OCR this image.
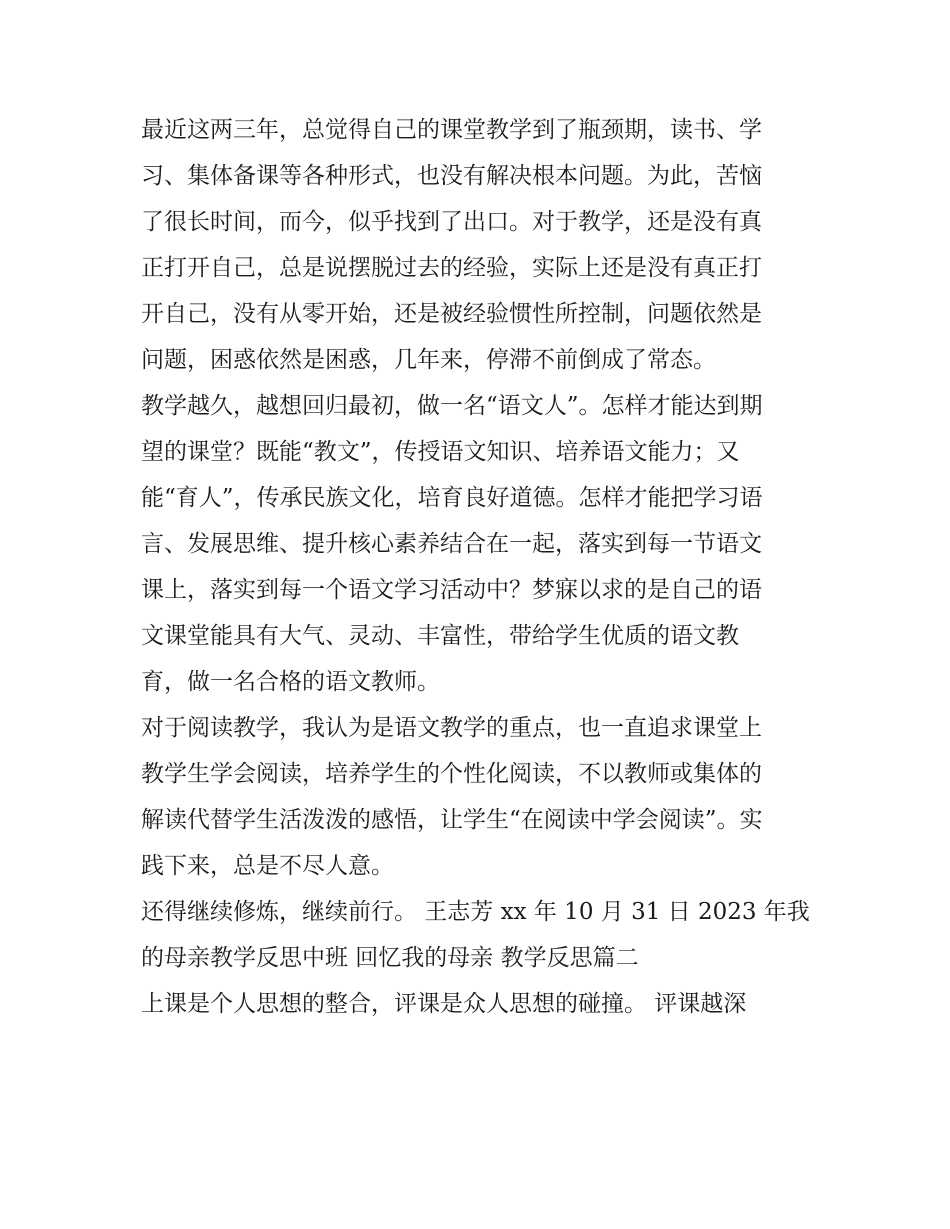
最近这两三年，总觉得自己的课堂教学到了瓶颈期，读书、学
习、集体备课等各种形式，也没有解决根本问题。为此，苦恼
了很长时间，而今，似乎找到了出口。对于教学，还是没有真
正打开自己，总是说摆脱过去的经验，实际上还是没有真正打
开自己，没有从零开始，还是被经验惯性所控制，问题依然是
问题，困惑依然是困惑，几年来，停滞不前倒成了常态。
教学越久，越想回归最初，做一名“语文人”。怎样才能达到期
望的课堂？既能“教文”，传授语文知识、培养语文能力；又
能“育人”，传承民族文化，培育良好道德。怎样才能把学习语
言、发展思维、提升核心素养结合在一起，落实到每一节语文
课上，落实到每一个语文学习活动中？梦寐以求的是自己的语
文课堂能具有大气、灵动、丰富性，带给学生优质的语文教
育，做一名合格的语文教师。
对于阅读教学，我认为是语文教学的重点，也一直追求课堂上
教学生学会阅读，培养学生的个性化阅读，不以教师或集体的
解读代替学生活泼泼的感悟，让学生“在阅读中学会阅读”。实
践下来，总是不尽人意。
还得继续修炼，继续前行。 王志芳 xx 年 10 月 31 日 2023 年我
的母亲教学反思中班 回忆我的母亲 教学反思篇二
上课是个人思想的整合，评课是众人思想的碰撞。 评课越深
